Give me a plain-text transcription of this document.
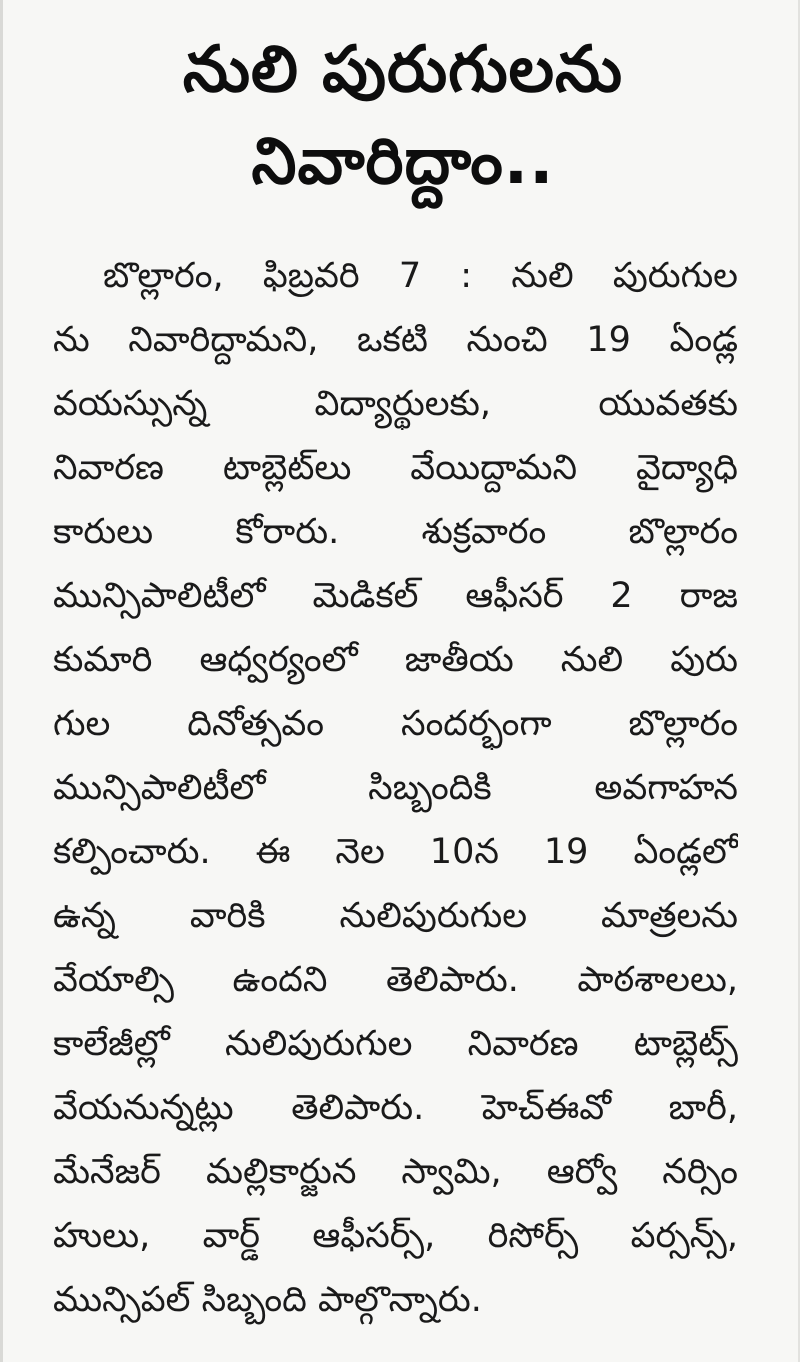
నులి పురుగులను
నివారిద్దాం..
బొల్లారం, ఫిబ్రవరి 7 : నులి పురుగుల
ను నివారిద్దామని, ఒకటి నుంచి 19 ఏండ్ల
వయస్సున్న విద్యార్థులకు, యువతకు
నివారణ టాబ్లెట్‌లు వేయిద్దామని వైద్యాధి
కారులు కోరారు. శుక్రవారం బొల్లారం
మున్సిపాలిటీలో మెడికల్ ఆఫీసర్ 2 రాజ
కుమారి ఆధ్వర్యంలో జాతీయ నులి పురు
గుల దినోత్సవం సందర్భంగా బొల్లారం
మున్సిపాలిటీలో సిబ్బందికి అవగాహన
కల్పించారు. ఈ నెల 10న 19 ఏండ్లలో
ఉన్న వారికి నులిపురుగుల మాత్రలను
వేయాల్సి ఉందని తెలిపారు. పాఠశాలలు,
కాలేజీల్లో నులిపురుగుల నివారణ టాబ్లెట్స్
వేయనున్నట్లు తెలిపారు. హెచ్ఈవో బారీ,
మేనేజర్ మల్లికార్జున స్వామి, ఆర్వో నర్సిం
హులు, వార్డ్ ఆఫీసర్స్, రిసోర్స్ పర్సన్స్,
మున్సిపల్ సిబ్బంది పాల్గొన్నారు.
